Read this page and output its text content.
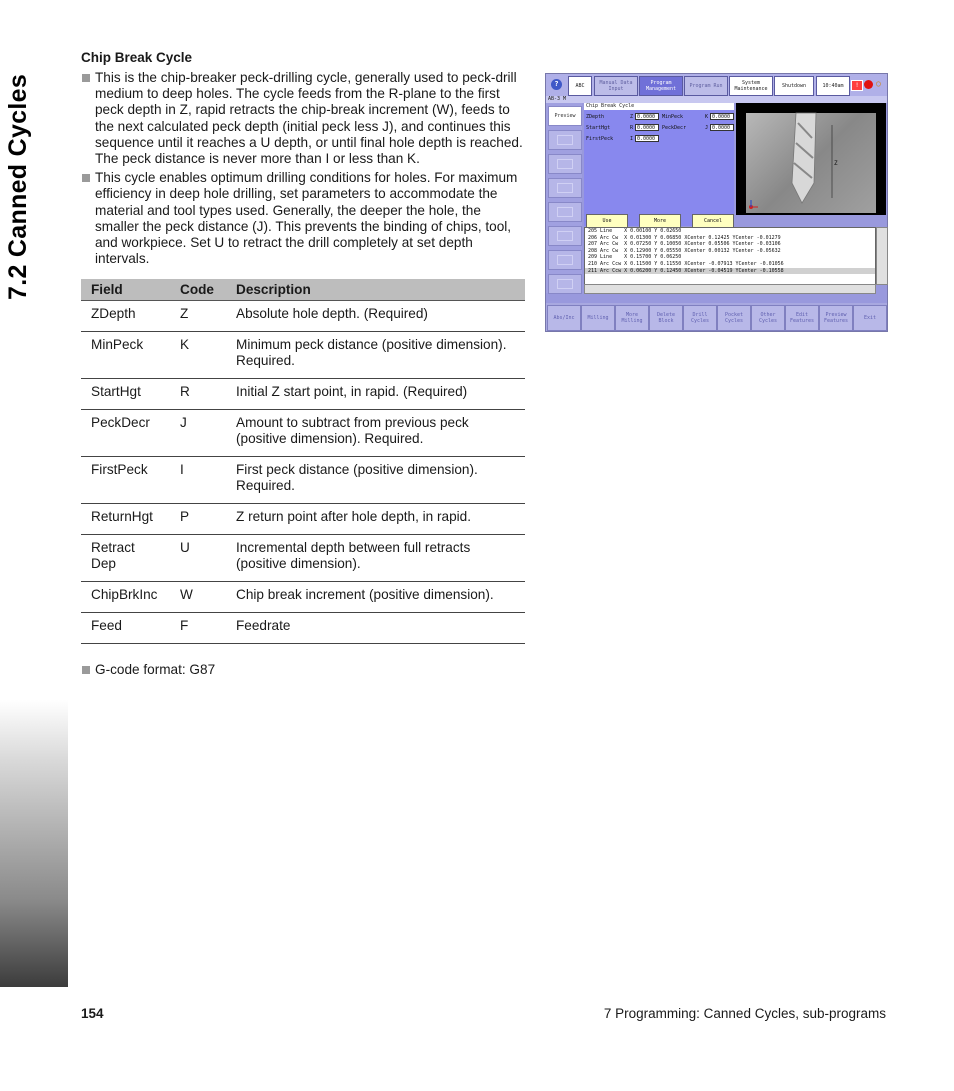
7.2 Canned Cycles
Chip Break Cycle
This is the chip-breaker peck-drilling cycle, generally used to peck-drill medium to deep holes. The cycle feeds from the R-plane to the first peck depth in Z, rapid retracts the chip-break increment (W), feeds to the next calculated peck depth (initial peck less J), and continues this sequence until it reaches a U depth, or until final hole depth is reached. The peck distance is never more than I or less than K.
This cycle enables optimum drilling conditions for holes. For maximum efficiency in deep hole drilling, set parameters to accommodate the material and tool types used. Generally, the deeper the hole, the smaller the peck distance (J). This prevents the binding of chips, tool, and workpiece. Set U to retract the drill completely at set depth intervals.
Field	Code	Description
ZDepth	Z	Absolute hole depth. (Required)
MinPeck	K	Minimum peck distance (positive dimension). Required.
StartHgt	R	Initial Z start point, in rapid. (Required)
PeckDecr	J	Amount to subtract from previous peck (positive dimension). Required.
FirstPeck	I	First peck distance (positive dimension). Required.
ReturnHgt	P	Z return point after hole depth, in rapid.
Retract Dep	U	Incremental depth between full retracts (positive dimension).
ChipBrkInc	W	Chip break increment (positive dimension).
Feed	F	Feedrate
G-code format: G87
?	ABC	Manual Data Input
Program Management	Program Run	System Maintenance	Shutdown	10:40am	!	○
AB-3 M
Preview
Chip Break Cycle
ZDepth	Z 0.0000	MinPeck	K 0.0000
StartHgt	R 0.0000	PeckDecr	J 0.0000
FirstPeck	I 0.0000
Use	More	Cancel
Z
205 Line    X 0.00100 Y 0.02650
206 Arc Cw  X 0.01300 Y 0.06850 XCenter 0.12425 YCenter -0.01279
207 Arc Cw  X 0.07250 Y 0.10050 XCenter 0.05506 YCenter -0.03106
208 Arc Cw  X 0.12900 Y 0.05550 XCenter 0.00132 YCenter -0.05632
209 Line    X 0.15700 Y 0.06250
210 Arc Ccw X 0.11500 Y 0.11550 XCenter -0.07913 YCenter -0.01056
211 Arc Ccw X 0.06200 Y 0.12450 XCenter -0.04519 YCenter -0.10558
Abs/Inc	Milling	More Milling
Delete Block
Drill Cycles
Pocket Cycles
Other Cycles
Edit Features
Preview Features	Exit
154	7 Programming: Canned Cycles, sub-programs
